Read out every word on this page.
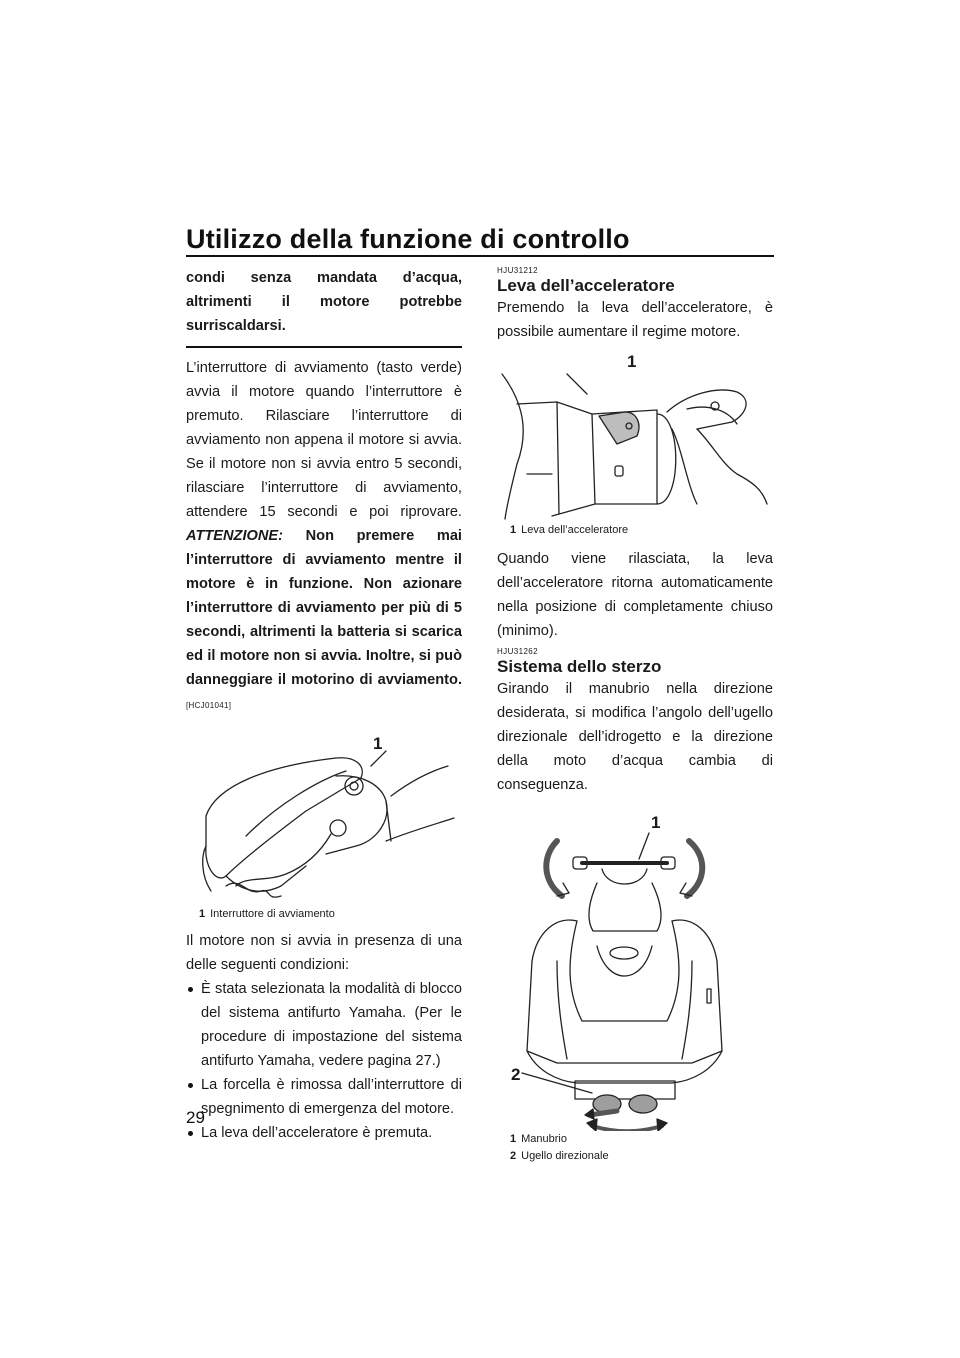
Utilizzo della funzione di controllo

condi senza mandata d’acqua, altrimenti il motore potrebbe surriscaldarsi.

L’interruttore di avviamento (tasto verde) avvia il motore quando l’interruttore è premuto. Rilasciare l’interruttore di avviamento non appena il motore si avvia. Se il motore non si avvia entro 5 secondi, rilasciare l’interruttore di avviamento, attendere 15 secondi e poi riprovare. ATTENZIONE: Non premere mai l’interruttore di avviamento mentre il motore è in funzione. Non azionare l’interruttore di avviamento per più di 5 secondi, altrimenti la batteria si scarica ed il motore non si avvia. Inoltre, si può danneggiare il motorino di avviamento. [HCJ01041]

1
1 Interruttore di avviamento

Il motore non si avvia in presenza di una delle seguenti condizioni:

È stata selezionata la modalità di blocco del sistema antifurto Yamaha. (Per le procedure di impostazione del sistema antifurto Yamaha, vedere pagina 27.)
La forcella è rimossa dall’interruttore di spegnimento di emergenza del motore.
La leva dell’acceleratore è premuta.
HJU31212
Leva dell’acceleratore

Premendo la leva dell’acceleratore, è possibile aumentare il regime motore.

1
1 Leva dell’acceleratore

Quando viene rilasciata, la leva dell’acceleratore ritorna automaticamente nella posizione di completamente chiuso (minimo).

HJU31262
Sistema dello sterzo

Girando il manubrio nella direzione desiderata, si modifica l’angolo dell’ugello direzionale dell’idrogetto e la direzione della moto d’acqua cambia di conseguenza.

1
2
1 Manubrio
2 Ugello direzionale
29
